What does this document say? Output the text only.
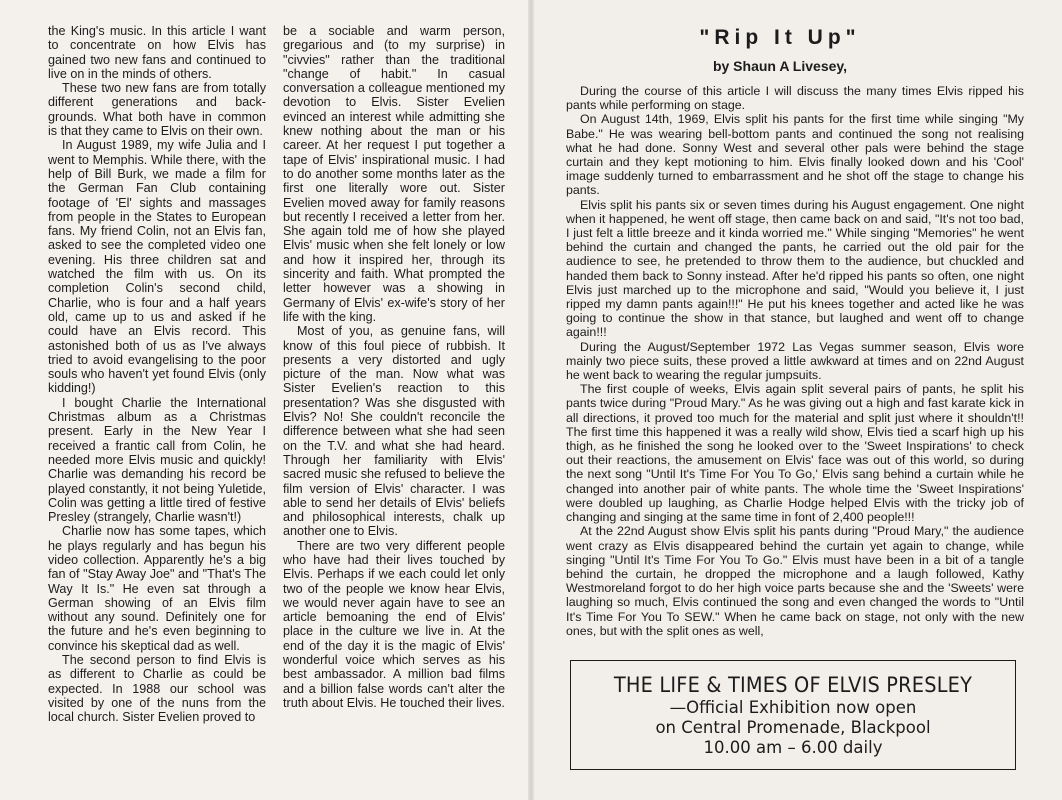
the King's music. In this article I want to concentrate on how Elvis has gained two new fans and continued to live on in the minds of others.

These two new fans are from totally different generations and back-grounds. What both have in common is that they came to Elvis on their own.

In August 1989, my wife Julia and I went to Memphis. While there, with the help of Bill Burk, we made a film for the German Fan Club containing footage of 'El' sights and massages from people in the States to European fans. My friend Colin, not an Elvis fan, asked to see the completed video one evening. His three children sat and watched the film with us. On its completion Colin's second child, Charlie, who is four and a half years old, came up to us and asked if he could have an Elvis record. This astonished both of us as I've always tried to avoid evangelising to the poor souls who haven't yet found Elvis (only kidding!)

I bought Charlie the International Christmas album as a Christmas present. Early in the New Year I received a frantic call from Colin, he needed more Elvis music and quickly! Charlie was demanding his record be played constantly, it not being Yuletide, Colin was getting a little tired of festive Presley (strangely, Charlie wasn't!)

Charlie now has some tapes, which he plays regularly and has begun his video collection. Apparently he's a big fan of "Stay Away Joe" and "That's The Way It Is." He even sat through a German showing of an Elvis film without any sound. Definitely one for the future and he's even beginning to convince his skeptical dad as well.

The second person to find Elvis is as different to Charlie as could be expected. In 1988 our school was visited by one of the nuns from the local church. Sister Evelien proved to

be a sociable and warm person, gregarious and (to my surprise) in "civvies" rather than the traditional "change of habit." In casual conversation a colleague mentioned my devotion to Elvis. Sister Evelien evinced an interest while admitting she knew nothing about the man or his career. At her request I put together a tape of Elvis' inspirational music. I had to do another some months later as the first one literally wore out. Sister Evelien moved away for family reasons but recently I received a letter from her. She again told me of how she played Elvis' music when she felt lonely or low and how it inspired her, through its sincerity and faith. What prompted the letter however was a showing in Germany of Elvis' ex-wife's story of her life with the king.

Most of you, as genuine fans, will know of this foul piece of rubbish. It presents a very distorted and ugly picture of the man. Now what was Sister Evelien's reaction to this presentation? Was she disgusted with Elvis? No! She couldn't reconcile the difference between what she had seen on the T.V. and what she had heard. Through her familiarity with Elvis' sacred music she refused to believe the film version of Elvis' character. I was able to send her details of Elvis' beliefs and philosophical interests, chalk up another one to Elvis.

There are two very different people who have had their lives touched by Elvis. Perhaps if we each could let only two of the people we know hear Elvis, we would never again have to see an article bemoaning the end of Elvis' place in the culture we live in. At the end of the day it is the magic of Elvis' wonderful voice which serves as his best ambassador. A million bad films and a billion false words can't alter the truth about Elvis. He touched their lives.

"Rip It Up"
by Shaun A Livesey,

During the course of this article I will discuss the many times Elvis ripped his pants while performing on stage.

On August 14th, 1969, Elvis split his pants for the first time while singing "My Babe." He was wearing bell-bottom pants and continued the song not realising what he had done. Sonny West and several other pals were behind the stage curtain and they kept motioning to him. Elvis finally looked down and his 'Cool' image suddenly turned to embarrassment and he shot off the stage to change his pants.

Elvis split his pants six or seven times during his August engagement. One night when it happened, he went off stage, then came back on and said, "It's not too bad, I just felt a little breeze and it kinda worried me." While singing "Memories" he went behind the curtain and changed the pants, he carried out the old pair for the audience to see, he pretended to throw them to the audience, but chuckled and handed them back to Sonny instead. After he'd ripped his pants so often, one night Elvis just marched up to the microphone and said, "Would you believe it, I just ripped my damn pants again!!!" He put his knees together and acted like he was going to continue the show in that stance, but laughed and went off to change again!!!

During the August/September 1972 Las Vegas summer season, Elvis wore mainly two piece suits, these proved a little awkward at times and on 22nd August he went back to wearing the regular jumpsuits.

The first couple of weeks, Elvis again split several pairs of pants, he split his pants twice during "Proud Mary." As he was giving out a high and fast karate kick in all directions, it proved too much for the material and split just where it shouldn't!! The first time this happened it was a really wild show, Elvis tied a scarf high up his thigh, as he finished the song he looked over to the 'Sweet Inspirations' to check out their reactions, the amusement on Elvis' face was out of this world, so during the next song "Until It's Time For You To Go,' Elvis sang behind a curtain while he changed into another pair of white pants. The whole time the 'Sweet Inspirations' were doubled up laughing, as Charlie Hodge helped Elvis with the tricky job of changing and singing at the same time in font of 2,400 people!!!

At the 22nd August show Elvis split his pants during "Proud Mary," the audience went crazy as Elvis disappeared behind the curtain yet again to change, while singing "Until It's Time For You To Go." Elvis must have been in a bit of a tangle behind the curtain, he dropped the microphone and a laugh followed, Kathy Westmoreland forgot to do her high voice parts because she and the 'Sweets' were laughing so much, Elvis continued the song and even changed the words to "Until It's Time For You To SEW." When he came back on stage, not only with the new ones, but with the split ones as well,

THE LIFE & TIMES OF ELVIS PRESLEY
—Official Exhibition now open
on Central Promenade, Blackpool
10.00 am – 6.00 daily
